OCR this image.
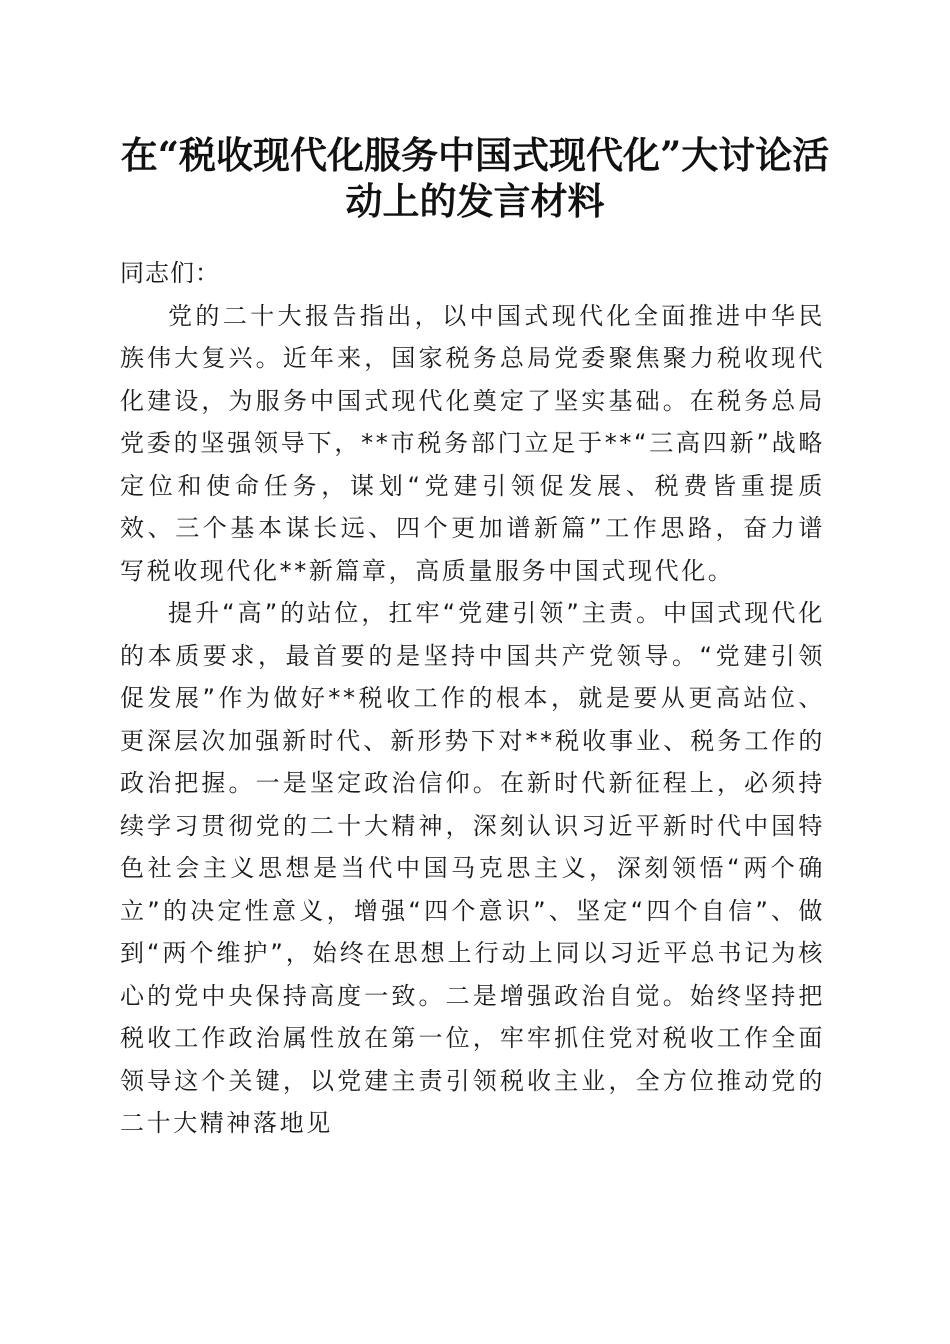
在“税收现代化服务中国式现代化”大讨论活
动上的发言材料

同志们：

党的二十大报告指出，以中国式现代化全面推进中华民族伟大复兴。近年来，国家税务总局党委聚焦聚力税收现代化建设，为服务中国式现代化奠定了坚实基础。在税务总局党委的坚强领导下，**市税务部门立足于**“三高四新”战略定位和使命任务，谋划“党建引领促发展、税费皆重提质效、三个基本谋长远、四个更加谱新篇”工作思路，奋力谱写税收现代化**新篇章，高质量服务中国式现代化。

提升“高”的站位，扛牢“党建引领”主责。中国式现代化的本质要求，最首要的是坚持中国共产党领导。“党建引领促发展”作为做好**税收工作的根本，就是要从更高站位、更深层次加强新时代、新形势下对**税收事业、税务工作的政治把握。一是坚定政治信仰。在新时代新征程上，必须持续学习贯彻党的二十大精神，深刻认识习近平新时代中国特色社会主义思想是当代中国马克思主义，深刻领悟“两个确立”的决定性意义，增强“四个意识”、坚定“四个自信”、做到“两个维护”，始终在思想上行动上同以习近平总书记为核心的党中央保持高度一致。二是增强政治自觉。始终坚持把税收工作政治属性放在第一位，牢牢抓住党对税收工作全面领导这个关键，以党建主责引领税收主业，全方位推动党的二十大精神落地见
